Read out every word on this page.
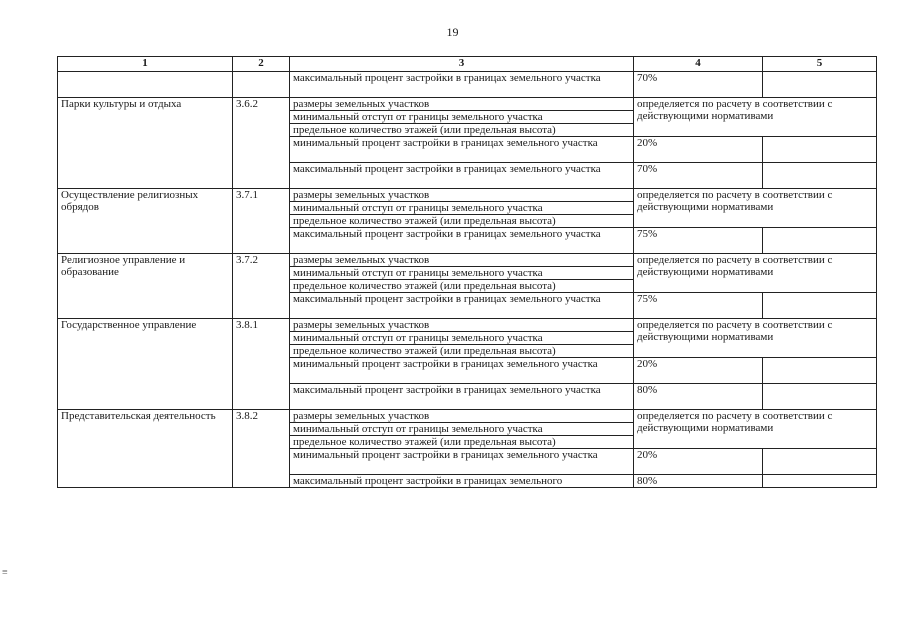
19
≡
1	2	3	4	5
		максимальный процент застройки в границах земельного участка	70%	
Парки культуры и отдыха	3.6.2	размеры земельных участков	определяется по расчету в соответствии с действующими нормативами	
		минимальный отступ от границы земельного участка		
		предельное количество этажей (или предельная высота)		
		минимальный процент застройки в границах земельного участка	20%	
		максимальный процент застройки в границах земельного участка	70%	
Осуществление религиозных обрядов	3.7.1	размеры земельных участков	определяется по расчету в соответствии с действующими нормативами	
		минимальный отступ от границы земельного участка		
		предельное количество этажей (или предельная высота)		
		максимальный процент застройки в границах земельного участка	75%	
Религиозное управление и образование	3.7.2	размеры земельных участков	определяется по расчету в соответствии с действующими нормативами	
		минимальный отступ от границы земельного участка		
		предельное количество этажей (или предельная высота)		
		максимальный процент застройки в границах земельного участка	75%	
Государственное управление	3.8.1	размеры земельных участков	определяется по расчету в соответствии с действующими нормативами	
		минимальный отступ от границы земельного участка		
		предельное количество этажей (или предельная высота)		
		минимальный процент застройки в границах земельного участка	20%	
		максимальный процент застройки в границах земельного участка	80%	
Представительская деятельность	3.8.2	размеры земельных участков	определяется по расчету в соответствии с действующими нормативами	
		минимальный отступ от границы земельного участка		
		предельное количество этажей (или предельная высота)		
		минимальный процент застройки в границах земельного участка	20%	
		максимальный процент застройки в границах земельного	80%	
